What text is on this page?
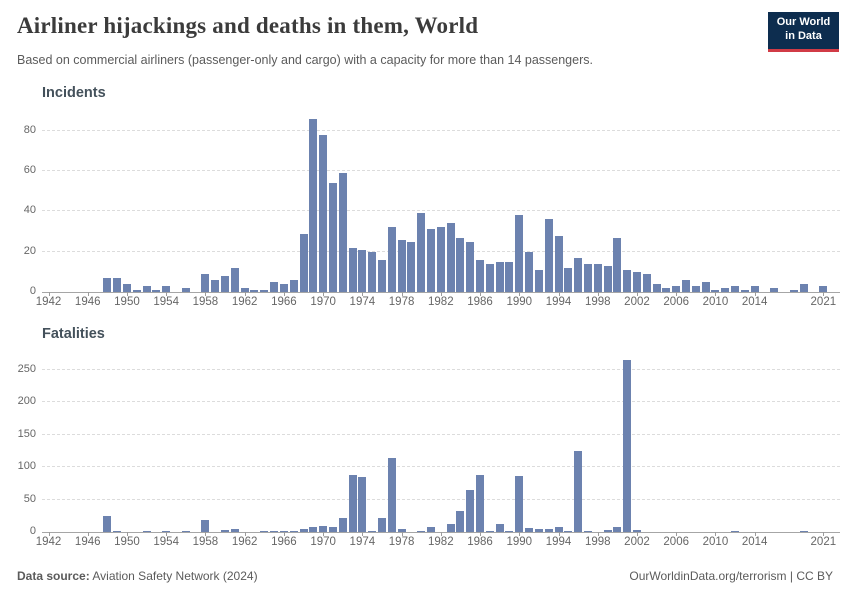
Airliner hijackings and deaths in them, World
Based on commercial airliners (passenger-only and cargo) with a capacity for more than 14 passengers.
Our World
in Data
Incidents
0
20
40
60
80
1942	1946	1950	1954	1958	1962	1966	1970	1974	1978	1982	1986	1990	1994	1998	2002	2006	2010	2014	2021
Fatalities
0
50
100
150
200
250
1942	1946	1950	1954	1958	1962	1966	1970	1974	1978	1982	1986	1990	1994	1998	2002	2006	2010	2014	2021
Data source: Aviation Safety Network (2024)	OurWorldinData.org/terrorism | CC BY
